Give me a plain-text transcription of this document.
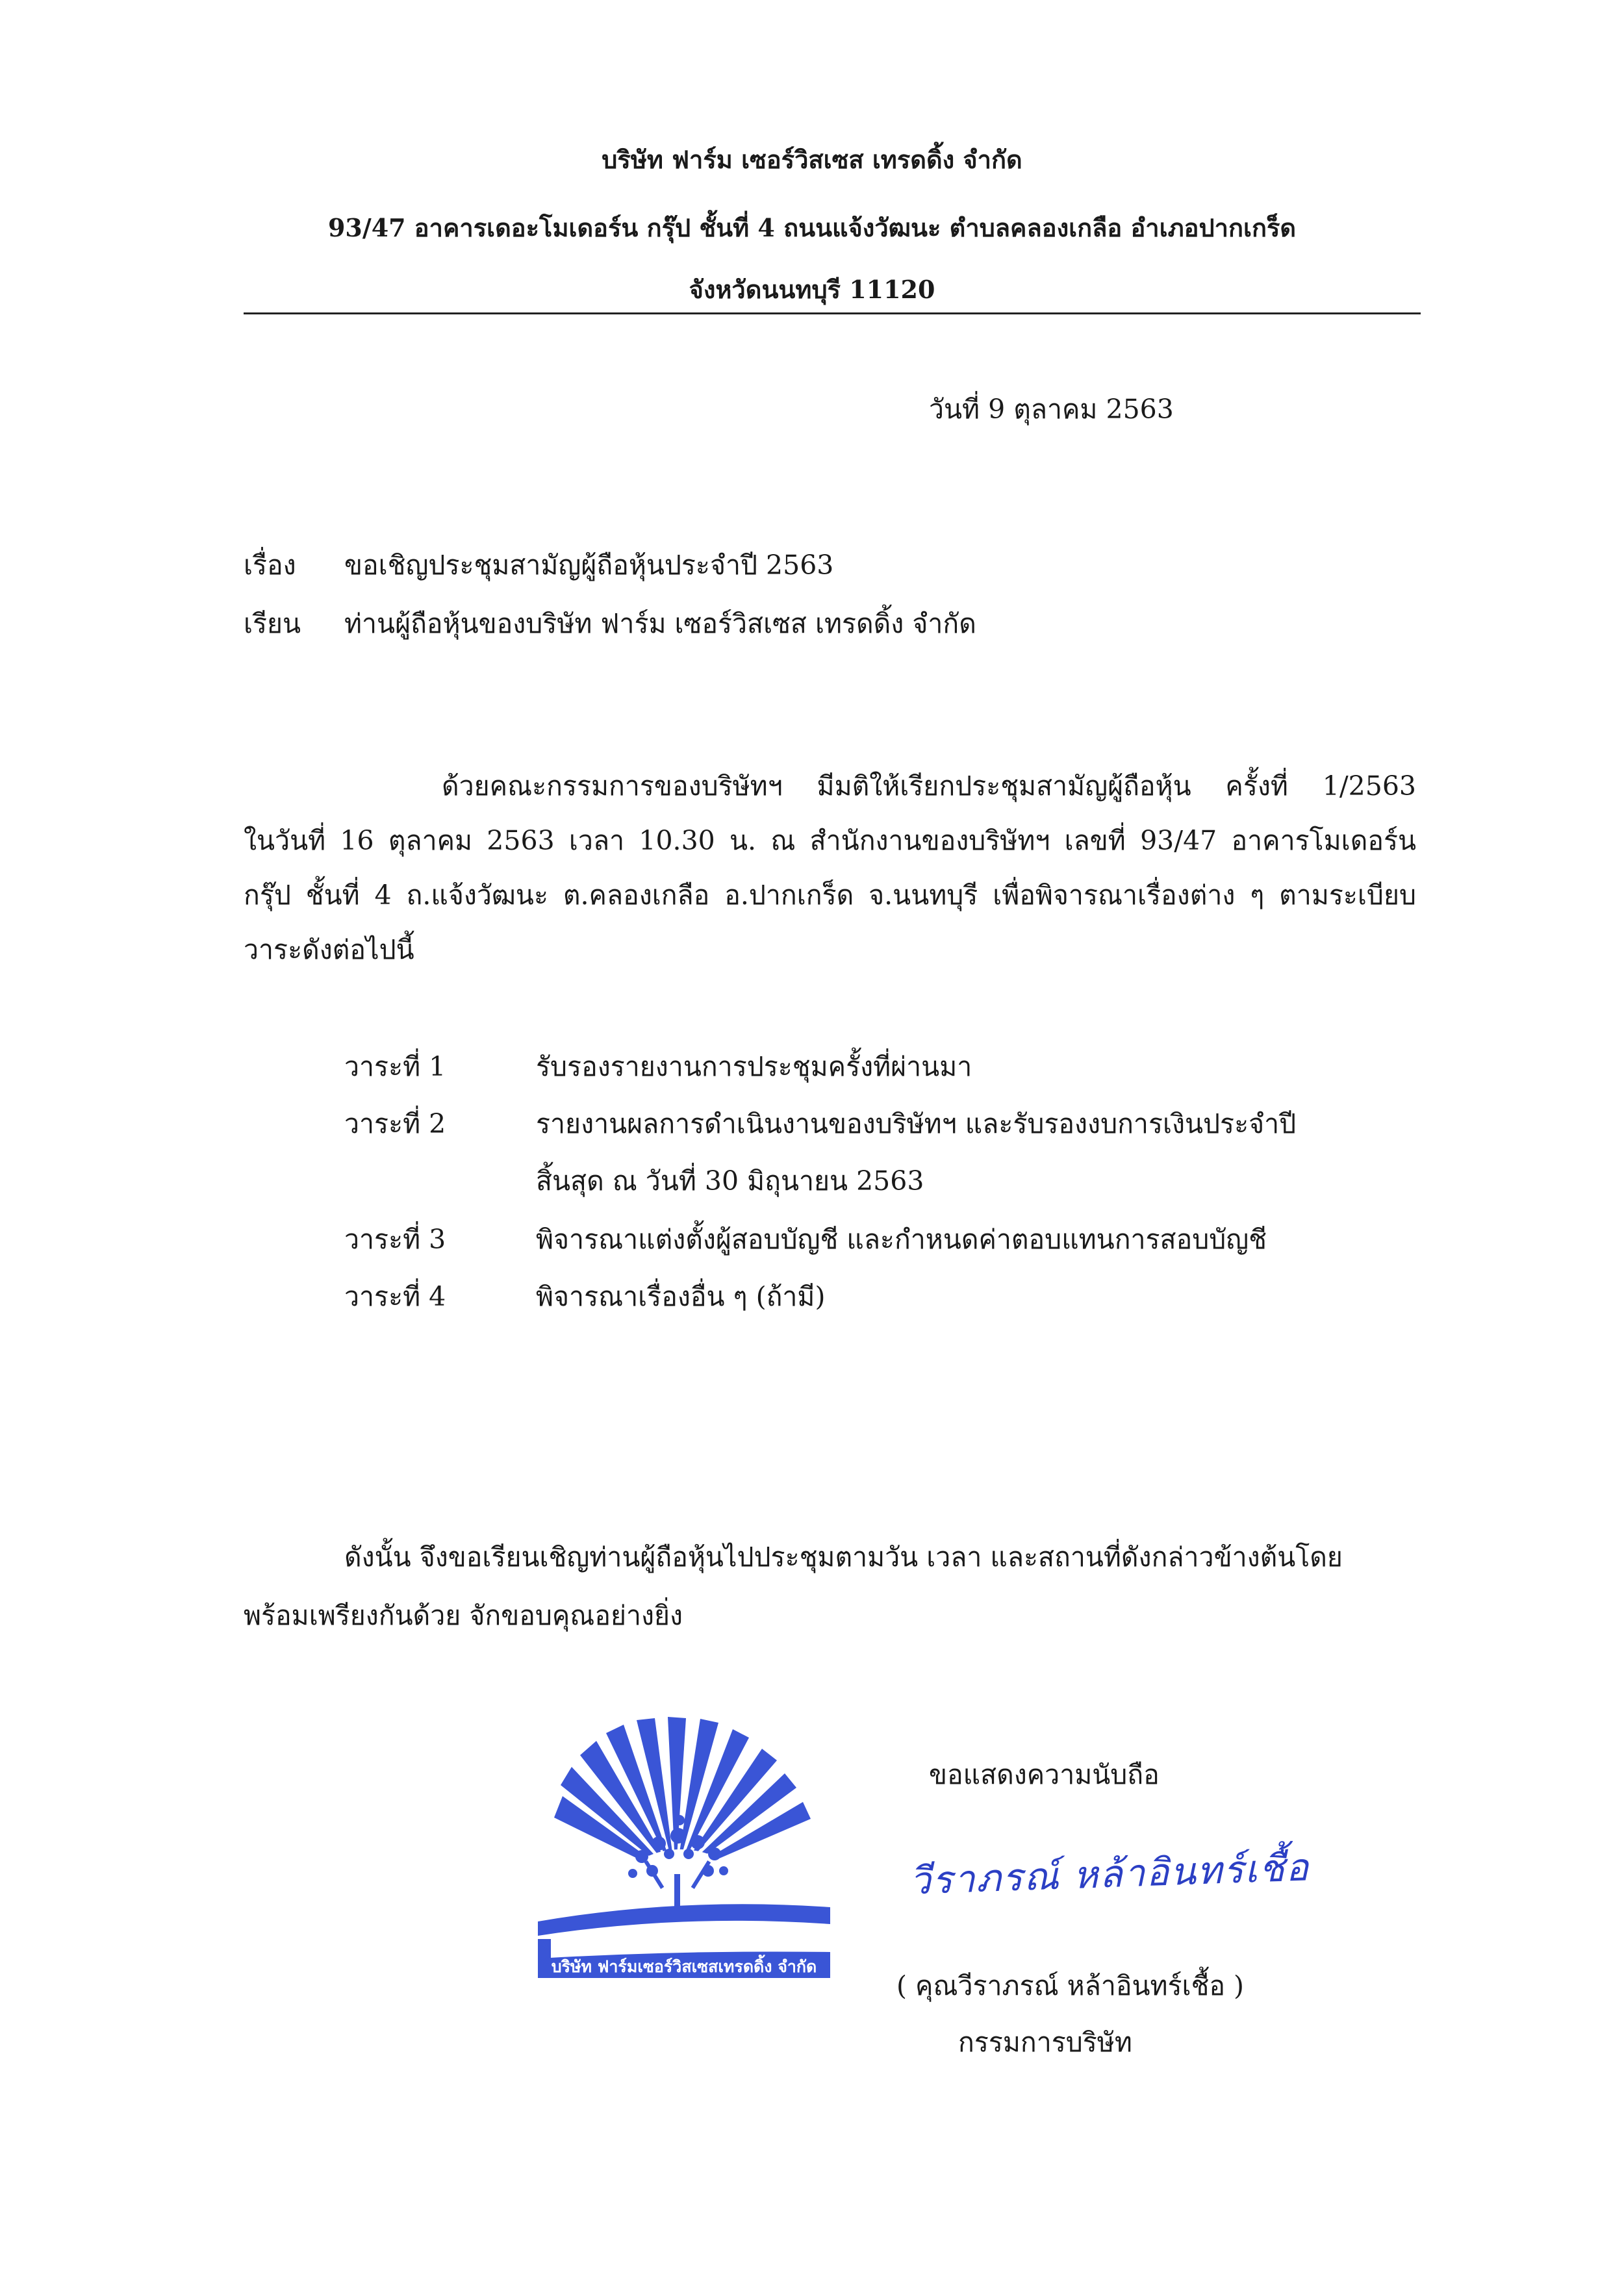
บริษัท ฟาร์ม เซอร์วิสเซส เทรดดิ้ง จำกัด
93/47 อาคารเดอะโมเดอร์น กรุ๊ป ชั้นที่ 4 ถนนแจ้งวัฒนะ ตำบลคลองเกลือ อำเภอปากเกร็ด
จังหวัดนนทบุรี 11120
วันที่ 9 ตุลาคม 2563
เรื่อง ขอเชิญประชุมสามัญผู้ถือหุ้นประจำปี 2563
เรียน ท่านผู้ถือหุ้นของบริษัท ฟาร์ม เซอร์วิสเซส เทรดดิ้ง จำกัด
ด้วยคณะกรรมการของบริษัทฯ มีมติให้เรียกประชุมสามัญผู้ถือหุ้น ครั้งที่ 1/2563
ในวันที่ 16 ตุลาคม 2563 เวลา 10.30 น. ณ สำนักงานของบริษัทฯ เลขที่ 93/47 อาคารโมเดอร์น
กรุ๊ป ชั้นที่ 4 ถ.แจ้งวัฒนะ ต.คลองเกลือ อ.ปากเกร็ด จ.นนทบุรี เพื่อพิจารณาเรื่องต่าง ๆ ตามระเบียบ
วาระดังต่อไปนี้
วาระที่ 1	รับรองรายงานการประชุมครั้งที่ผ่านมา
วาระที่ 2	รายงานผลการดำเนินงานของบริษัทฯ และรับรองงบการเงินประจำปี
สิ้นสุด ณ วันที่ 30 มิถุนายน 2563
วาระที่ 3	พิจารณาแต่งตั้งผู้สอบบัญชี และกำหนดค่าตอบแทนการสอบบัญชี
วาระที่ 4	พิจารณาเรื่องอื่น ๆ (ถ้ามี)
ดังนั้น จึงขอเรียนเชิญท่านผู้ถือหุ้นไปประชุมตามวัน เวลา และสถานที่ดังกล่าวข้างต้นโดย
พร้อมเพรียงกันด้วย จักขอบคุณอย่างยิ่ง
บริษัท ฟาร์มเซอร์วิสเซสเทรดดิ้ง จำกัด
ขอแสดงความนับถือ
วีราภรณ์ หล้าอินทร์เชื้อ
( คุณวีราภรณ์ หล้าอินทร์เชื้อ )
กรรมการบริษัท
